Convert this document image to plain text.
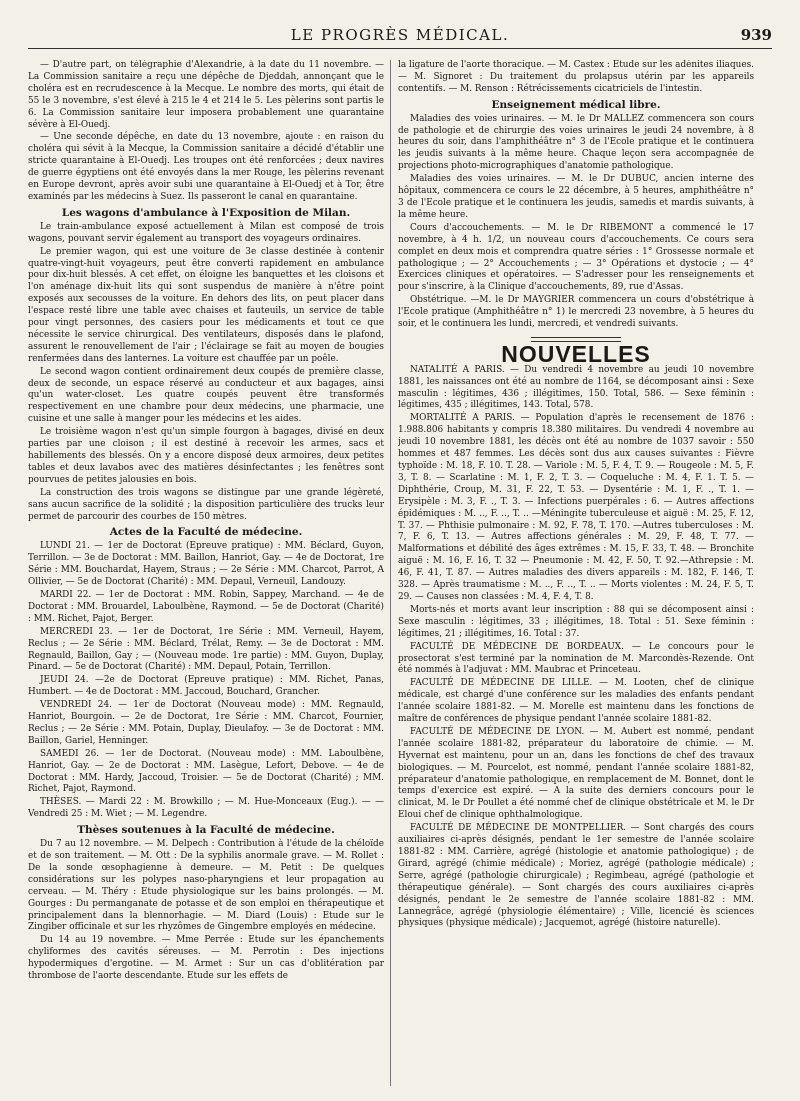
LE PROGRÈS MÉDICAL.	939

— D'autre part, on télégraphie d'Alexandrie, à la date du 11 novembre. — La Commission sanitaire a reçu une dépêche de Djeddah, annonçant que le choléra est en recrudescence à la Mecque. Le nombre des morts, qui était de 55 le 3 novembre, s'est élevé à 215 le 4 et 214 le 5. Les pèlerins sont partis le 6. La Commission sanitaire leur imposera probablement une quarantaine sévère à El-Ouedj.

— Une seconde dépêche, en date du 13 novembre, ajoute : en raison du choléra qui sévit à la Mecque, la Commission sanitaire a décidé d'établir une stricte quarantaine à El-Ouedj. Les troupes ont été renforcées ; deux navires de guerre égyptiens ont été envoyés dans la mer Rouge, les pèlerins revenant en Europe devront, après avoir subi une quarantaine à El-Ouedj et à Tor, être examinés par les médecins à Suez. Ils passeront le canal en quarantaine.

Les wagons d'ambulance à l'Exposition de Milan.

Le train-ambulance exposé actuellement à Milan est composé de trois wagons, pouvant servir également au transport des voyageurs ordinaires.

Le premier wagon, qui est une voiture de 3e classe destinée à contenir quatre-vingt-huit voyageurs, peut être converti rapidement en ambulance pour dix-huit blessés. A cet effet, on éloigne les banquettes et les cloisons et l'on aménage dix-huit lits qui sont suspendus de manière à n'être point exposés aux secousses de la voiture. En dehors des lits, on peut placer dans l'espace resté libre une table avec chaises et fauteuils, un service de table pour vingt personnes, des casiers pour les médicaments et tout ce que nécessite le service chirurgical. Des ventilateurs, disposés dans le plafond, assurent le renouvellement de l'air ; l'éclairage se fait au moyen de bougies renfermées dans des lanternes. La voiture est chauffée par un poêle.

Le second wagon contient ordinairement deux coupés de première classe, deux de seconde, un espace réservé au conducteur et aux bagages, ainsi qu'un water-closet. Les quatre coupés peuvent être transformés respectivement en une chambre pour deux médecins, une pharmacie, une cuisine et une salle à manger pour les médecins et les aides.

Le troisième wagon n'est qu'un simple fourgon à bagages, divisé en deux parties par une cloison ; il est destiné à recevoir les armes, sacs et habillements des blessés. On y a encore disposé deux armoires, deux petites tables et deux lavabos avec des matières désinfectantes ; les fenêtres sont pourvues de petites jalousies en bois.

La construction des trois wagons se distingue par une grande légèreté, sans aucun sacrifice de la solidité ; la disposition particulière des trucks leur permet de parcourir des courbes de 150 mètres.

Actes de la Faculté de médecine.

LUNDI 21. — 1er de Doctorat (Epreuve pratique) : MM. Béclard, Guyon, Terrillon. — 3e de Doctorat : MM. Baillon, Hanriot, Gay. — 4e de Doctorat, 1re Série : MM. Bouchardat, Hayem, Straus ; — 2e Série : MM. Charcot, Parrot, A Ollivier, — 5e de Doctorat (Charité) : MM. Depaul, Verneuil, Landouzy.

MARDI 22. — 1er de Doctorat : MM. Robin, Sappey, Marchand. — 4e de Doctorat : MM. Brouardel, Laboulbène, Raymond. — 5e de Doctorat (Charité) : MM. Richet, Pajot, Berger.

MERCREDI 23. — 1er de Doctorat, 1re Série : MM. Verneuil, Hayem, Reclus ; — 2e Série : MM. Béclard, Trélat, Remy. — 3e de Doctorat : MM. Regnauld, Baillon, Gay ; — (Nouveau mode. 1re partie) : MM. Guyon, Duplay, Pinard. — 5e de Doctorat (Charité) : MM. Depaul, Potain, Terrillon.

JEUDI 24. —2e de Doctorat (Epreuve pratique) : MM. Richet, Panas, Humbert. — 4e de Doctorat : MM. Jaccoud, Bouchard, Grancher.

VENDREDI 24. — 1er de Doctorat (Nouveau mode) : MM. Regnauld, Hanriot, Bourgoin. — 2e de Doctorat, 1re Série : MM. Charcot, Fournier, Reclus ; — 2e Série : MM. Potain, Duplay, Dieulafoy. — 3e de Doctorat : MM. Baillon, Gariel, Henninger.

SAMEDI 26. — 1er de Doctorat. (Nouveau mode) : MM. Laboulbène, Hanriot, Gay. — 2e de Doctorat : MM. Lasègue, Lefort, Debove. — 4e de Doctorat : MM. Hardy, Jaccoud, Troisier. — 5e de Doctorat (Charité) ; MM. Richet, Pajot, Raymond.

THÈSES. — Mardi 22 : M. Browkillo ; — M. Hue-Monceaux (Eug.). — — Vendredi 25 : M. Wiet ; — M. Legendre.

Thèses soutenues à la Faculté de médecine.

Du 7 au 12 novembre. — M. Delpech : Contribution à l'étude de la chéloïde et de son traitement. — M. Ott : De la syphilis anormale grave. — M. Rollet : De la sonde œsophagienne à demeure. — M. Petit : De quelques considérations sur les polypes naso-pharyngiens et leur propagation au cerveau. — M. Théry : Etude physiologique sur les bains prolongés. — M. Gourges : Du permanganate de potasse et de son emploi en thérapeutique et principalement dans la blennorhagie. — M. Diard (Louis) : Etude sur le Zingiber officinale et sur les rhyzômes de Gingembre employés en médecine.

Du 14 au 19 novembre. — Mme Perrée : Etude sur les épanchements chyliformes des cavités séreuses. — M. Perrotin : Des injections hypodermiques d'ergotine. — M. Armet : Sur un cas d'oblitération par thrombose de l'aorte descendante. Etude sur les effets de

la ligature de l'aorte thoracique. — M. Castex : Etude sur les adénites iliaques. — M. Signoret : Du traitement du prolapsus utérin par les appareils contentifs. — M. Renson : Rétrécissements cicatriciels de l'intestin.

Enseignement médical libre.

Maladies des voies urinaires. — M. le Dr MALLEZ commencera son cours de pathologie et de chirurgie des voies urinaires le jeudi 24 novembre, à 8 heures du soir, dans l'amphithéâtre n° 3 de l'Ecole pratique et le continuera les jeudis suivants à la même heure. Chaque leçon sera accompagnée de projections photo-micrographiques d'anatomie pathologique.

Maladies des voies urinaires. — M. le Dr DUBUC, ancien interne des hôpitaux, commencera ce cours le 22 décembre, à 5 heures, amphithéâtre n° 3 de l'Ecole pratique et le continuera les jeudis, samedis et mardis suivants, à la même heure.

Cours d'accouchements. — M. le Dr RIBEMONT a commencé le 17 novembre, à 4 h. 1/2, un nouveau cours d'accouchements. Ce cours sera complet en deux mois et comprendra quatre séries : 1° Grossesse normale et pathologique ; — 2° Accouchements ; — 3° Opérations et dystocie ; — 4° Exercices cliniques et opératoires. — S'adresser pour les renseignements et pour s'inscrire, à la Clinique d'accouchements, 89, rue d'Assas.

Obstétrique. —M. le Dr MAYGRIER commencera un cours d'obstétrique à l'Ecole pratique (Amphithéâtre n° 1) le mercredi 23 novembre, à 5 heures du soir, et le continuera les lundi, mercredi, et vendredi suivants.

NOUVELLES

NATALITÉ A PARIS. — Du vendredi 4 novembre au jeudi 10 novembre 1881, les naissances ont été au nombre de 1164, se décomposant ainsi : Sexe masculin : légitimes, 436 ; illégitimes, 150. Total, 586. — Sexe féminin : légitimes, 435 ; illégitimes, 143. Total, 578.

MORTALITÉ A PARIS. — Population d'après le recensement de 1876 : 1.988.806 habitants y compris 18.380 militaires. Du vendredi 4 novembre au jeudi 10 novembre 1881, les décès ont été au nombre de 1037 savoir : 550 hommes et 487 femmes. Les décès sont dus aux causes suivantes : Fièvre typhoïde : M. 18, F. 10. T. 28. — Variole : M. 5, F. 4, T. 9. — Rougeole : M. 5, F. 3, T. 8. — Scarlatine : M. 1, F. 2, T. 3. — Coqueluche : M. 4, F. 1. T. 5. —Diphthérie, Croup, M. 31, F. 22, T. 53. — Dysentérie : M. 1, F. ., T. 1. — Erysipèle : M. 3, F. ., T. 3. — Infections puerpérales : 6. — Autres affections épidémiques : M. .., F. .., T. .. —Méningite tuberculeuse et aiguë : M. 25, F. 12, T. 37. — Phthisie pulmonaire : M. 92, F. 78, T. 170. —Autres tuberculoses : M. 7, F. 6, T. 13. — Autres affections générales : M. 29, F. 48, T. 77. — Malformations et débilité des âges extrêmes : M. 15, F. 33, T. 48. — Bronchite aiguë : M. 16, F. 16, T. 32 — Pneumonie : M. 42, F. 50, T. 92.—Athrepsie : M. 46, F. 41, T. 87. — Autres maladies des divers appareils : M. 182, F. 146, T. 328. — Après traumatisme : M. .., F. .., T. .. — Morts violentes : M. 24, F. 5, T. 29. — Causes non classées : M. 4, F. 4, T. 8.

Morts-nés et morts avant leur inscription : 88 qui se décomposent ainsi : Sexe masculin : légitimes, 33 ; illégitimes, 18. Total : 51. Sexe féminin : légitimes, 21 ; illégitimes, 16. Total : 37.

FACULTÉ DE MÉDECINE DE BORDEAUX. — Le concours pour le prosectorat s'est terminé par la nomination de M. Marcondès-Rezende. Ont été nommés à l'adjuvat : MM. Maubrac et Princeteau.

FACULTÉ DE MÉDECINE DE LILLE. — M. Looten, chef de clinique médicale, est chargé d'une conférence sur les maladies des enfants pendant l'année scolaire 1881-82. — M. Morelle est maintenu dans les fonctions de maître de conférences de physique pendant l'année scolaire 1881-82.

FACULTÉ DE MÉDECINE DE LYON. — M. Aubert est nommé, pendant l'année scolaire 1881-82, préparateur du laboratoire de chimie. — M. Hyvernat est maintenu, pour un an, dans les fonctions de chef des travaux biologiques. — M. Pourcelot, est nommé, pendant l'année scolaire 1881-82, préparateur d'anatomie pathologique, en remplacement de M. Bonnet, dont le temps d'exercice est expiré. — A la suite des derniers concours pour le clinicat, M. le Dr Poullet a été nommé chef de clinique obstétricale et M. le Dr Eloui chef de clinique ophthalmologique.

FACULTÉ DE MÉDECINE DE MONTPELLIER. — Sont chargés des cours auxiliaires ci-après désignés, pendant le 1er semestre de l'année scolaire 1881-82 : MM. Carrière, agrégé (histologie et anatomie pathologique) ; de Girard, agrégé (chimie médicale) ; Moriez, agrégé (pathologie médicale) ; Serre, agrégé (pathologie chirurgicale) ; Regimbeau, agrégé (pathologie et thérapeutique générale). — Sont chargés des cours auxiliaires ci-après désignés, pendant le 2e semestre de l'année scolaire 1881-82 : MM. Lannegrâce, agrégé (physiologie élémentaire) ; Ville, licencié ès sciences physiques (physique médicale) ; Jacquemot, agrégé (histoire naturelle).
